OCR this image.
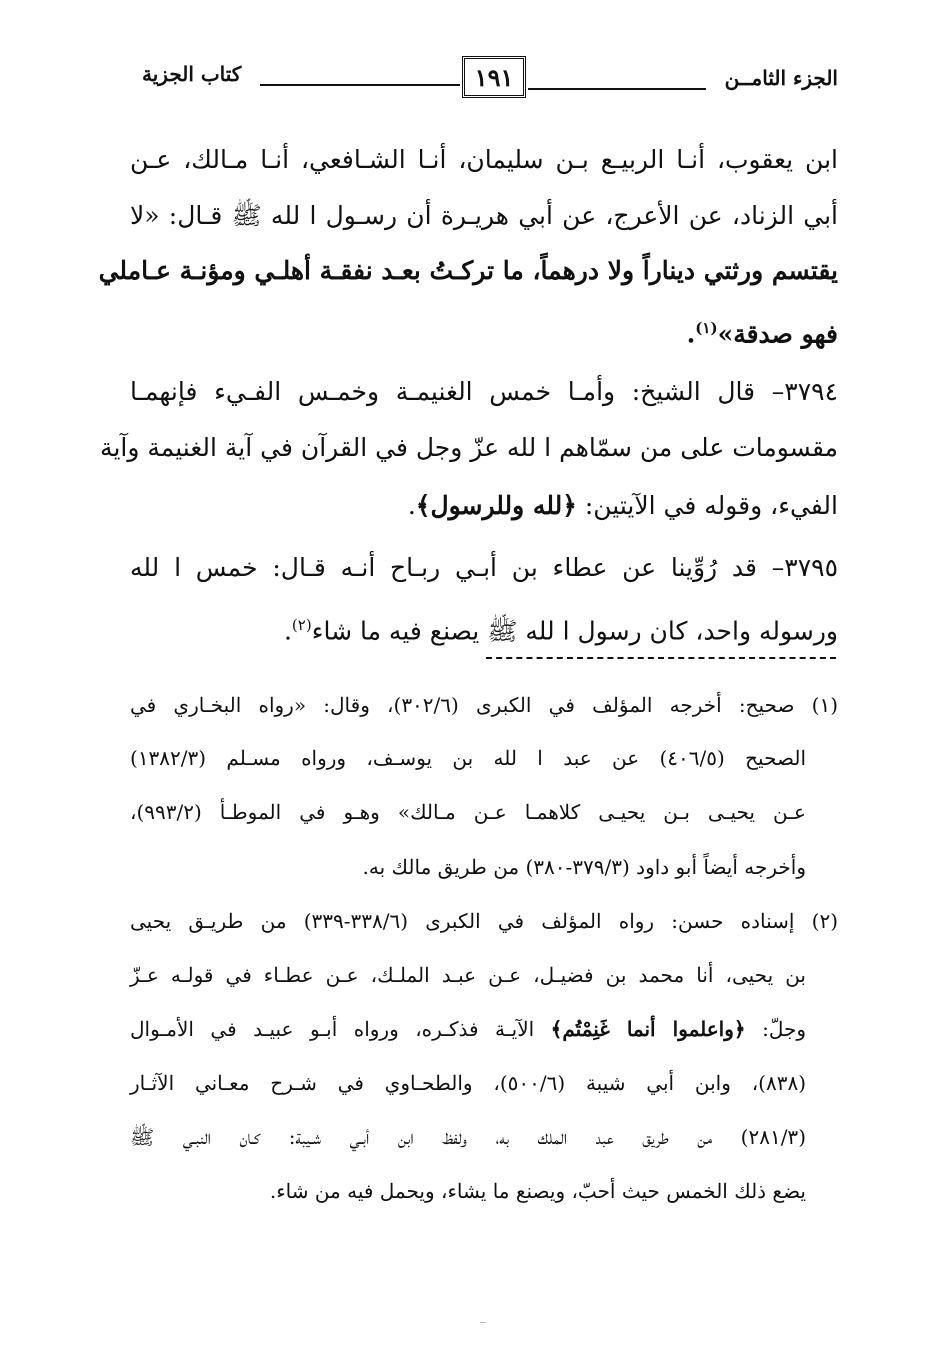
الجزء الثامــن
١٩١
كتاب الجزية
ابن يعقوب، أنـا الربيـع بـن سليمان، أنـا الشـافعي، أنـا مـالك، عـن
أبي الزناد، عن الأعرج، عن أبي هريـرة أن رسـول ا لله ﷺ قـال: «لا
يقتسم ورثتي ديناراً ولا درهماً، ما تركـتُ بعـد نفقـة أهلـي ومؤنـة عـاملي
فهو صدقة»$^{(١)}$.
٣٧٩٤– قال الشيخ: وأمـا خمس الغنيمـة وخمـس الفـيء فإنهمـا
مقسومات على من سمّاهم ا لله عزّ وجل في القرآن في آية الغنيمة وآية
الفيء، وقوله في الآيتين: ﴿لله وللرسول﴾.
٣٧٩٥– قد رُوِّينا عن عطاء بن أبـي ربـاح أنـه قـال: خمس ا لله
ورسوله واحد، كان رسول ا لله ﷺ يصنع فيه ما شاء$^{(٢)}$.
(١) صحيح: أخرجه المؤلف في الكبرى (٣٠٢/٦)، وقال: «رواه البخـاري في
الصحيح (٤٠٦/٥) عن عبد ا لله بن يوسـف، ورواه مسـلم (١٣٨٢/٣)
عـن يحيـى بـن يحيـى كلاهمـا عـن مـالك» وهـو في الموطـأ (٩٩٣/٢)،
وأخرجه أيضاً أبو داود (٣٧٩/٣-٣٨٠) من طريق مالك به.
(٢) إسناده حسن: رواه المؤلف في الكبرى (٣٣٨/٦-٣٣٩) من طريـق يحيى
بن يحيى، أنا محمد بن فضيـل، عـن عبـد الملـك، عـن عطـاء في قولـه عـزّ
وجلّ: ﴿واعلموا أنما غَنِمْتُم﴾ الآيـة فذكـره، ورواه أبـو عبيـد في الأمـوال
(٨٣٨)، وابن أبي شيبة (٥٠٠/٦)، والطحـاوي في شـرح معـاني الآثـار
(٢٨١/٣) من طريق عبد الملك به، ولفظ ابن أبـي شـيبة: كـان النبـي ﷺ
يضع ذلك الخمس حيث أحبّ، ويصنع ما يشاء، ويحمل فيه من شاء.
